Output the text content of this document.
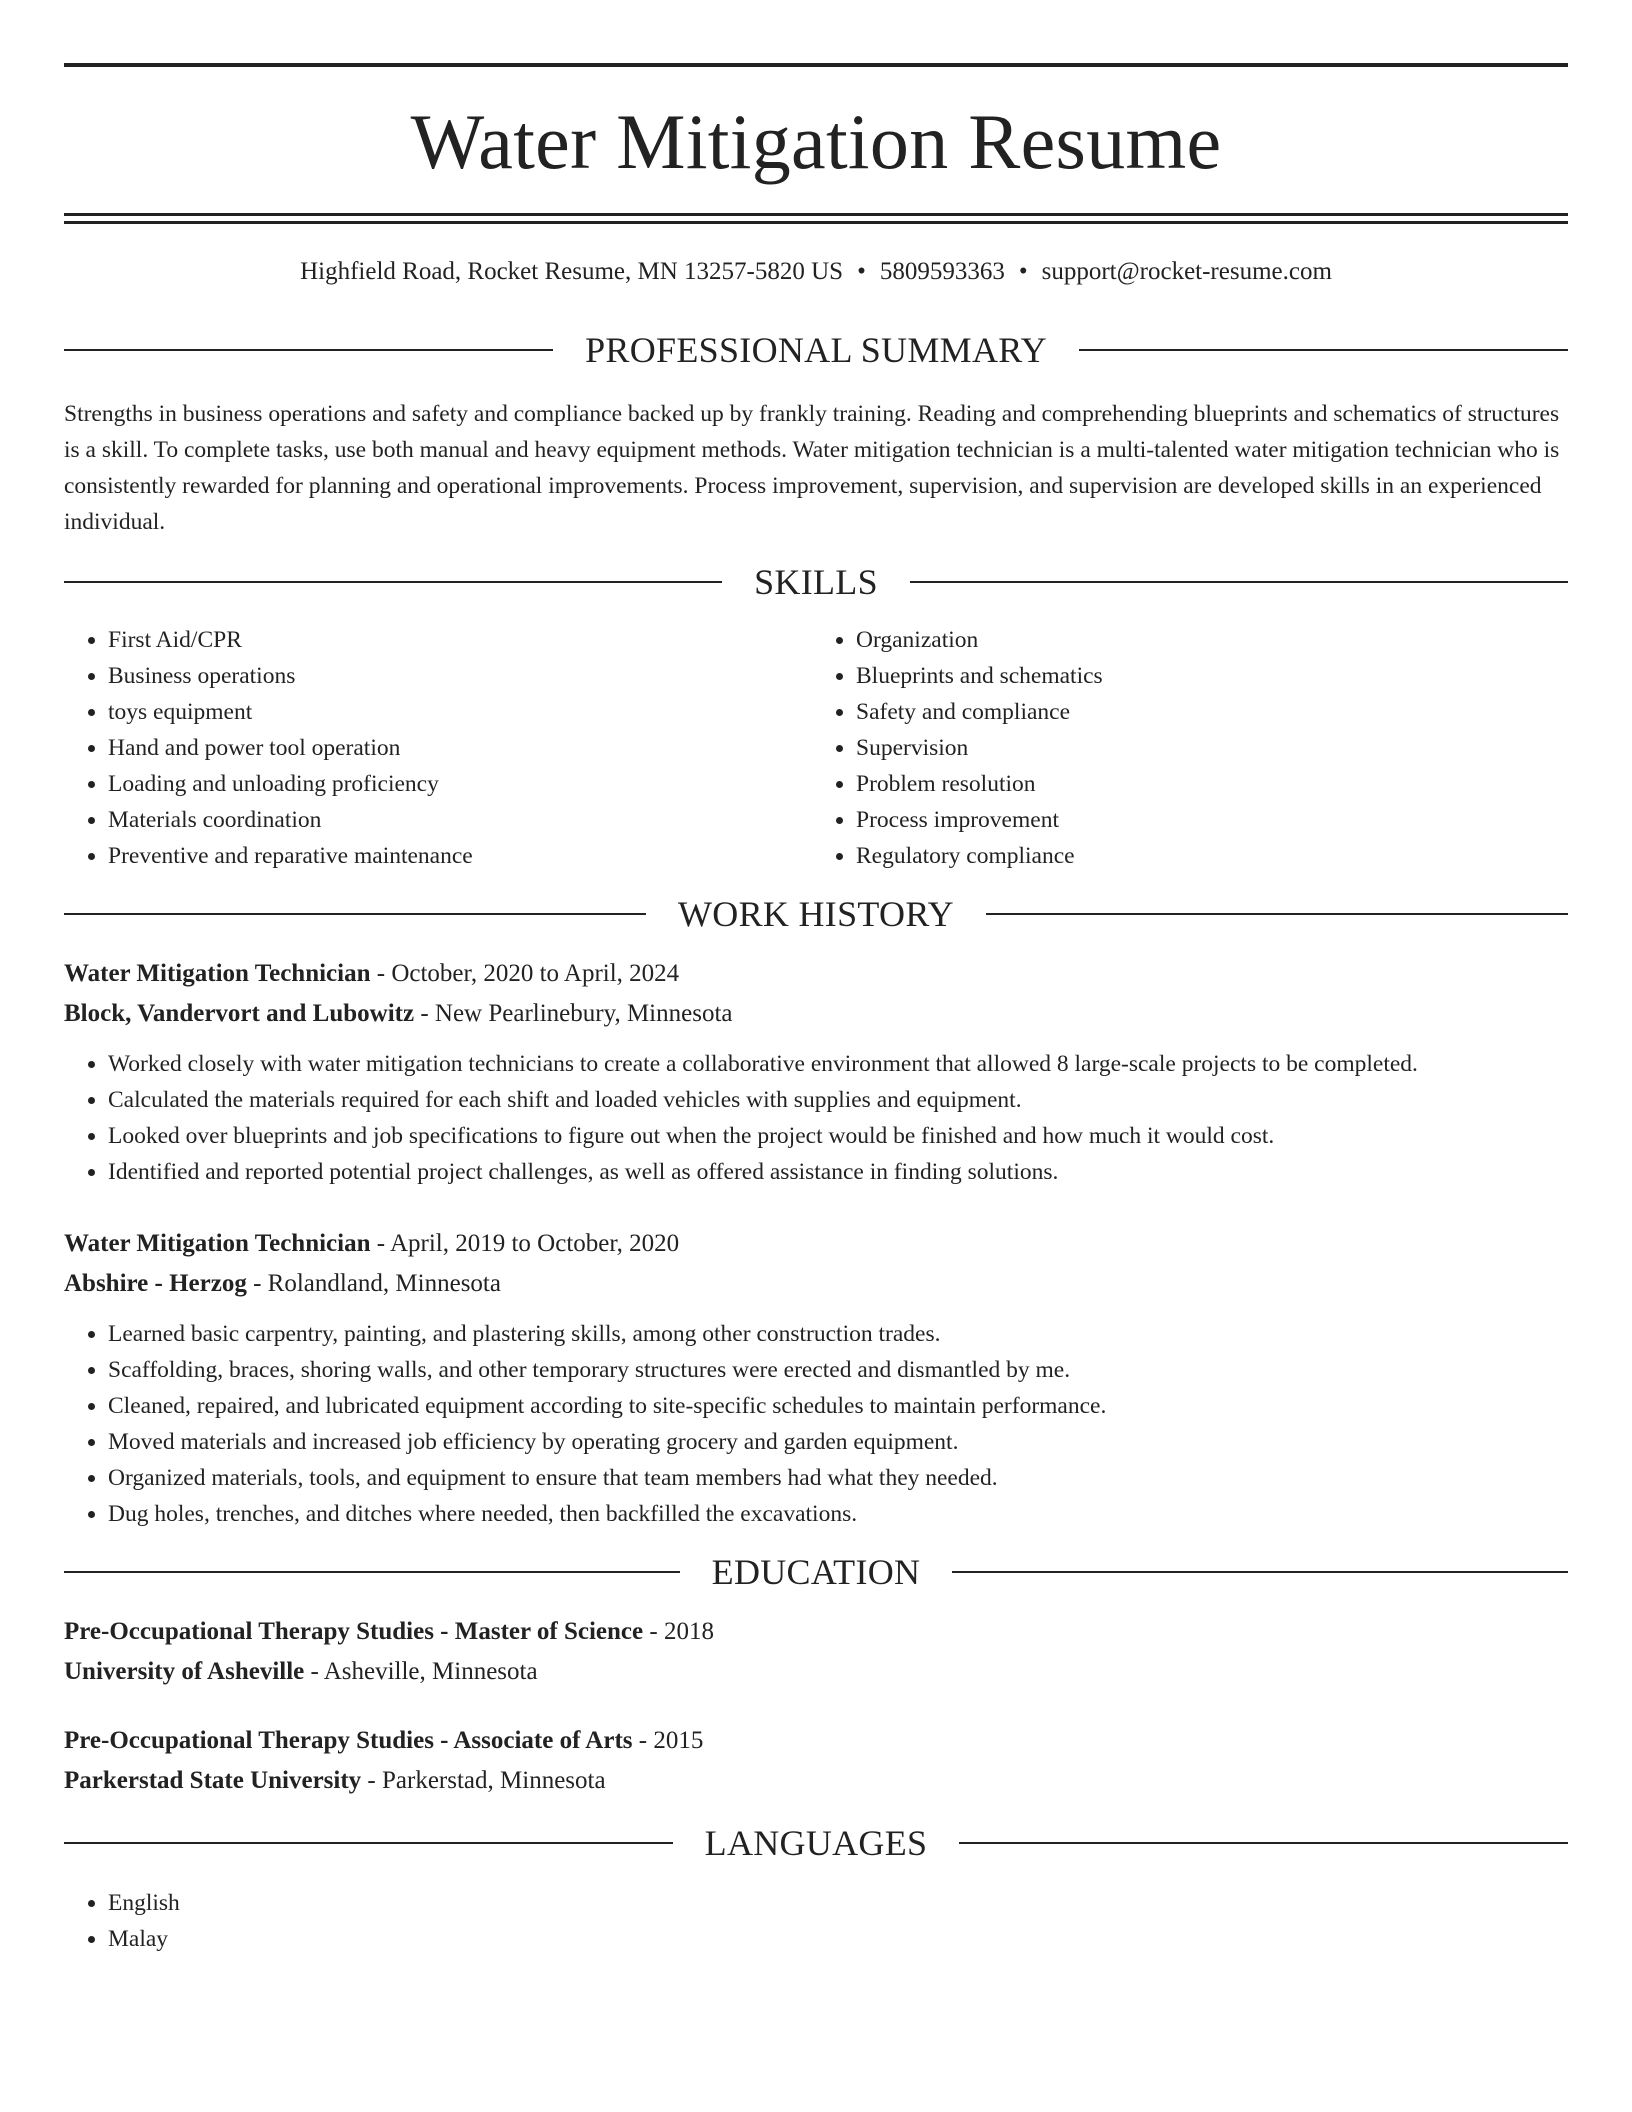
Water Mitigation Resume
Highfield Road, Rocket Resume, MN 13257-5820 US • 5809593363 • support@rocket-resume.com
PROFESSIONAL SUMMARY

Strengths in business operations and safety and compliance backed up by frankly training. Reading and comprehending blueprints and schematics of structures is a skill. To complete tasks, use both manual and heavy equipment methods. Water mitigation technician is a multi-talented water mitigation technician who is consistently rewarded for planning and operational improvements. Process improvement, supervision, and supervision are developed skills in an experienced individual.

SKILLS
• First Aid/CPR
• Business operations
• toys equipment
• Hand and power tool operation
• Loading and unloading proficiency
• Materials coordination
• Preventive and reparative maintenance
• Organization
• Blueprints and schematics
• Safety and compliance
• Supervision
• Problem resolution
• Process improvement
• Regulatory compliance
WORK HISTORY
Water Mitigation Technician - October, 2020 to April, 2024
Block, Vandervort and Lubowitz - New Pearlinebury, Minnesota
• Worked closely with water mitigation technicians to create a collaborative environment that allowed 8 large-scale projects to be completed.
• Calculated the materials required for each shift and loaded vehicles with supplies and equipment.
• Looked over blueprints and job specifications to figure out when the project would be finished and how much it would cost.
• Identified and reported potential project challenges, as well as offered assistance in finding solutions.
Water Mitigation Technician - April, 2019 to October, 2020
Abshire - Herzog - Rolandland, Minnesota
• Learned basic carpentry, painting, and plastering skills, among other construction trades.
• Scaffolding, braces, shoring walls, and other temporary structures were erected and dismantled by me.
• Cleaned, repaired, and lubricated equipment according to site-specific schedules to maintain performance.
• Moved materials and increased job efficiency by operating grocery and garden equipment.
• Organized materials, tools, and equipment to ensure that team members had what they needed.
• Dug holes, trenches, and ditches where needed, then backfilled the excavations.
EDUCATION
Pre-Occupational Therapy Studies - Master of Science - 2018
University of Asheville - Asheville, Minnesota
Pre-Occupational Therapy Studies - Associate of Arts - 2015
Parkerstad State University - Parkerstad, Minnesota
LANGUAGES
• English
• Malay
